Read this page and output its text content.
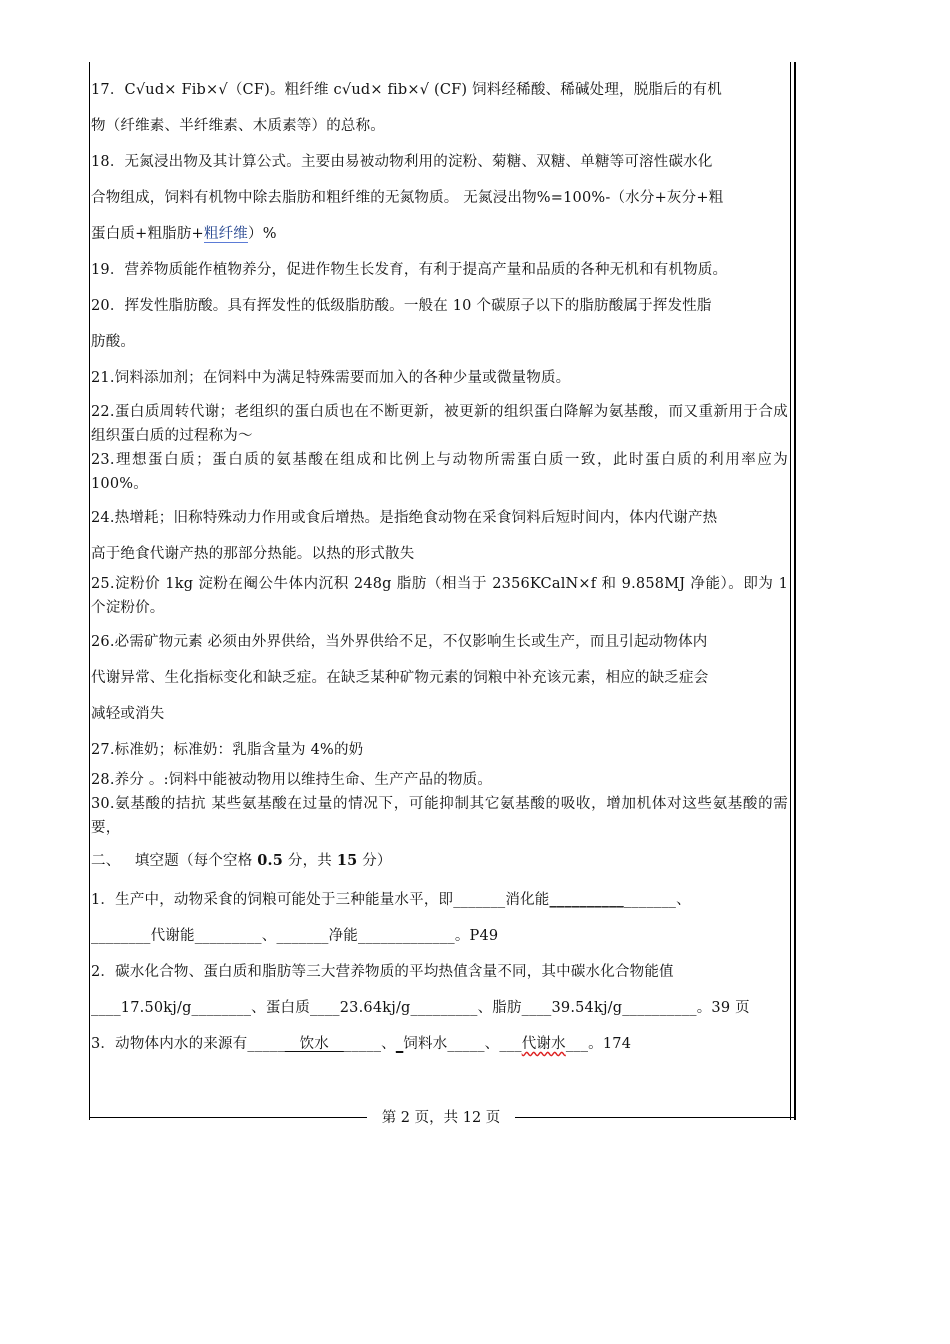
17．C√ud× Fib×√（CF)。粗纤维 c√ud× fib×√ (CF) 饲料经稀酸、稀碱处理，脱脂后的有机

物（纤维素、半纤维素、木质素等）的总称。

18．无氮浸出物及其计算公式。主要由易被动物利用的淀粉、菊糖、双糖、单糖等可溶性碳水化

合物组成，饲料有机物中除去脂肪和粗纤维的无氮物质。 无氮浸出物%=100%-（水分+灰分+粗

蛋白质+粗脂肪+粗纤维）%

19．营养物质能作植物养分，促进作物生长发育，有利于提高产量和品质的各种无机和有机物质。

20．挥发性脂肪酸。具有挥发性的低级脂肪酸。一般在 10 个碳原子以下的脂肪酸属于挥发性脂

肪酸。

21.饲料添加剂；在饲料中为满足特殊需要而加入的各种少量或微量物质。

22.蛋白质周转代谢；老组织的蛋白质也在不断更新，被更新的组织蛋白降解为氨基酸，而又重新用于合成组织蛋白质的过程称为～

23.理想蛋白质；蛋白质的氨基酸在组成和比例上与动物所需蛋白质一致，此时蛋白质的利用率应为 100%。

24.热增耗；旧称特殊动力作用或食后增热。是指绝食动物在采食饲料后短时间内，体内代谢产热

高于绝食代谢产热的那部分热能。以热的形式散失

25.淀粉价 1kg 淀粉在阉公牛体内沉积 248g 脂肪（相当于 2356KCalN×f 和 9.858MJ 净能）。即为 1 个淀粉价。

26.必需矿物元素 必须由外界供给，当外界供给不足，不仅影响生长或生产，而且引起动物体内

代谢异常、生化指标变化和缺乏症。在缺乏某种矿物元素的饲粮中补充该元素，相应的缺乏症会

减轻或消失

27.标准奶；标准奶：乳脂含量为 4%的奶

28.养分 。:饲料中能被动物用以维持生命、生产产品的物质。

30.氨基酸的拮抗 某些氨基酸在过量的情况下，可能抑制其它氨基酸的吸收，增加机体对这些氨基酸的需要，

二、 填空题（每个空格 0.5 分，共 15 分）

1．生产中，动物采食的饲粮可能处于三种能量水平，即_______消化能_________________、

________代谢能_________、_______净能_____________。P49

2．碳水化合物、蛋白质和脂肪等三大营养物质的平均热值含量不同，其中碳水化合物能值

____17.50kj/g________、蛋白质____23.64kj/g_________、脂肪____39.54kj/g__________。39 页

3．动物体内水的来源有_______饮水_______、_饲料水_____、___代谢水___。174

第 2 页，共 12 页
